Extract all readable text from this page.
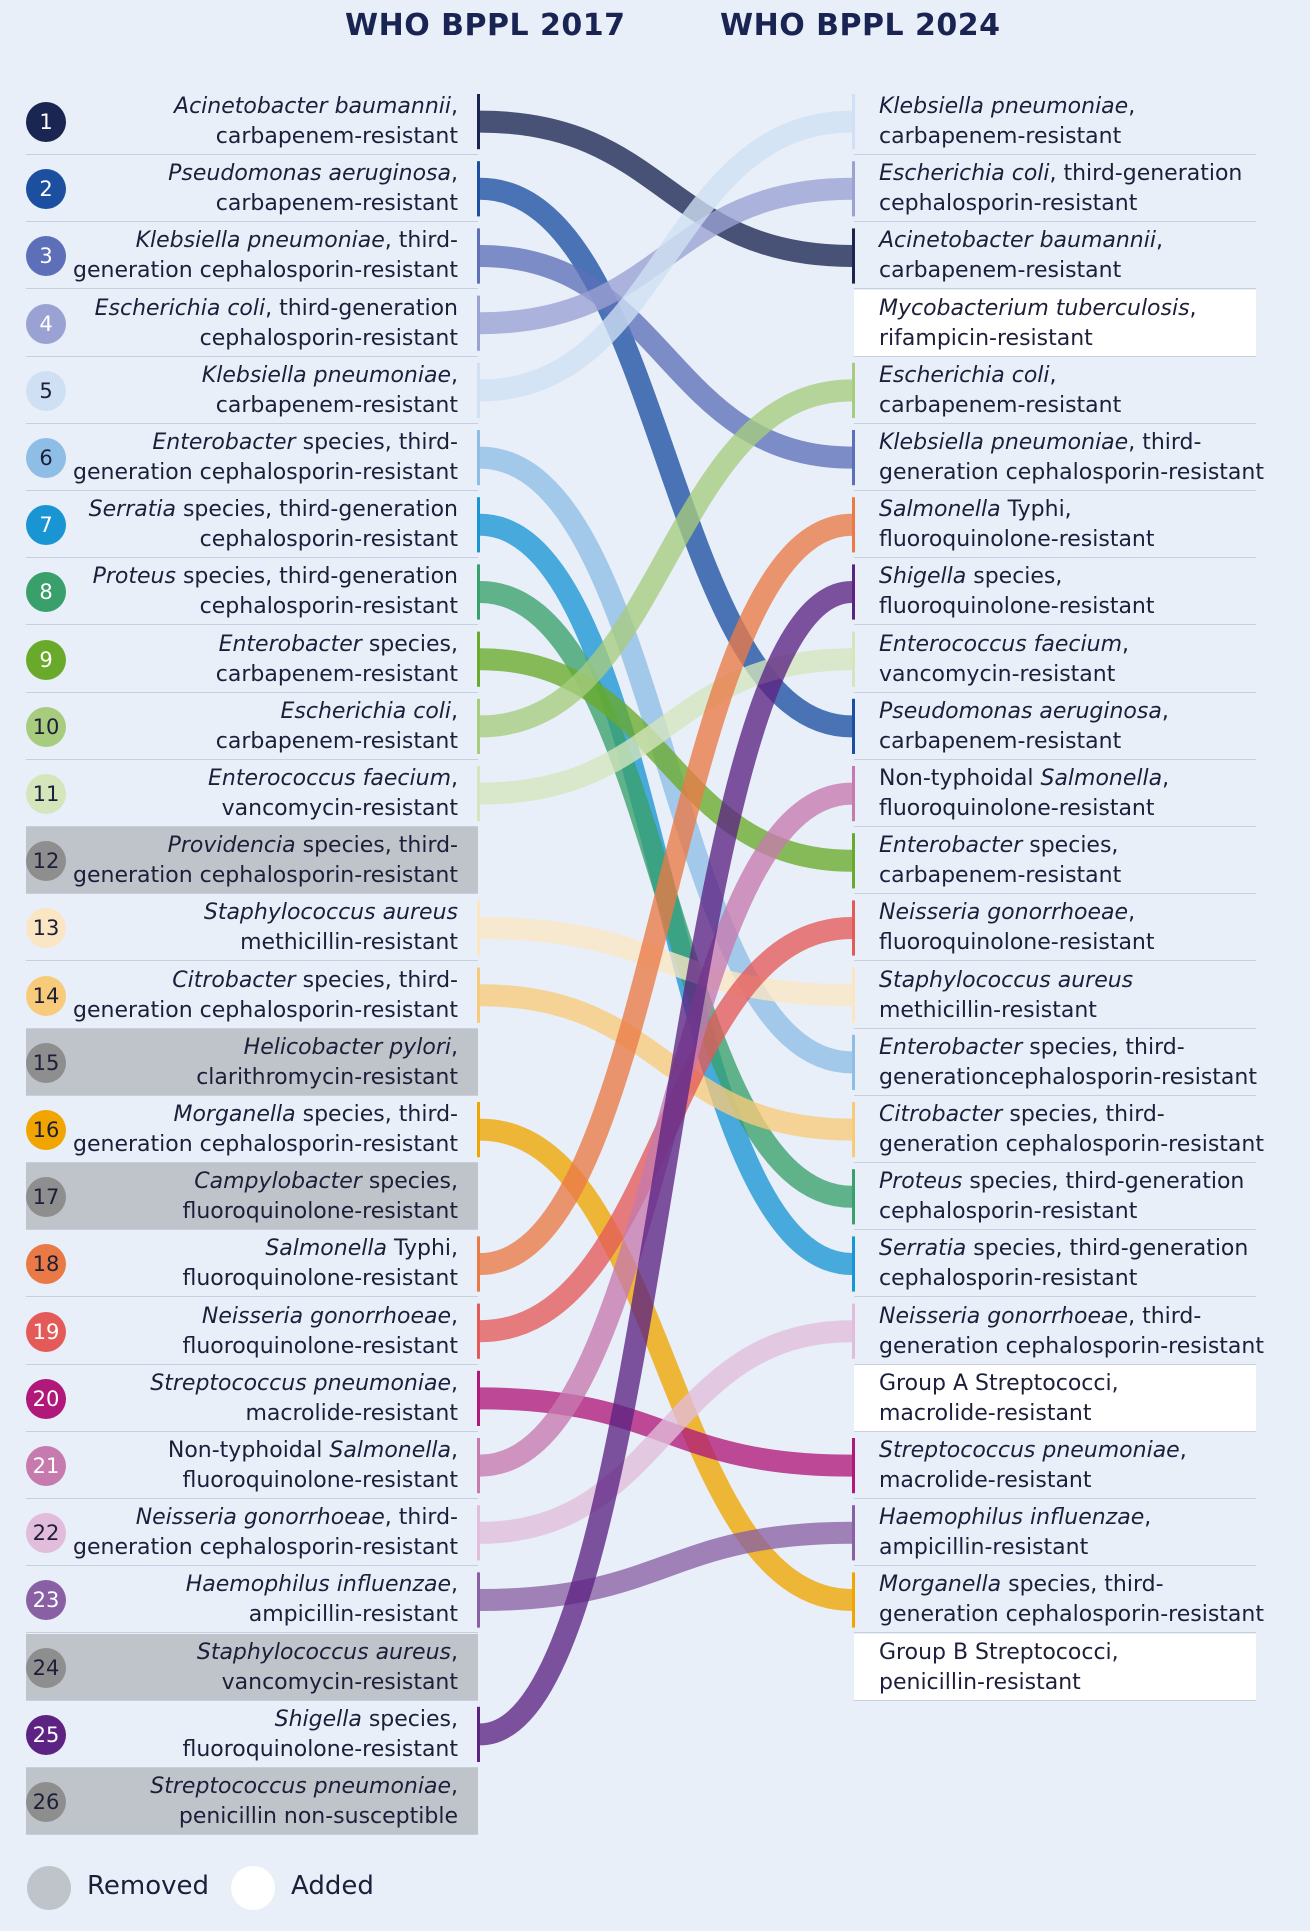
WHO BPPL 2017	WHO BPPL 2024
1
Acinetobacter baumannii,
carbapenem-resistant
2
Pseudomonas aeruginosa,
carbapenem-resistant
3
Klebsiella pneumoniae, third-
generation cephalosporin-resistant
4
Escherichia coli, third-generation
cephalosporin-resistant
5
Klebsiella pneumoniae,
carbapenem-resistant
6
Enterobacter species, third-
generation cephalosporin-resistant
7
Serratia species, third-generation
cephalosporin-resistant
8
Proteus species, third-generation
cephalosporin-resistant
9
Enterobacter species,
carbapenem-resistant
10
Escherichia coli,
carbapenem-resistant
11
Enterococcus faecium,
vancomycin-resistant
12
Providencia species, third-
generation cephalosporin-resistant
13
Staphylococcus aureus
methicillin-resistant
14
Citrobacter species, third-
generation cephalosporin-resistant
15
Helicobacter pylori,
clarithromycin-resistant
16
Morganella species, third-
generation cephalosporin-resistant
17
Campylobacter species,
fluoroquinolone-resistant
18
Salmonella Typhi,
fluoroquinolone-resistant
19
Neisseria gonorrhoeae,
fluoroquinolone-resistant
20
Streptococcus pneumoniae,
macrolide-resistant
21
Non-typhoidal Salmonella,
fluoroquinolone-resistant
22
Neisseria gonorrhoeae, third-
generation cephalosporin-resistant
23
Haemophilus influenzae,
ampicillin-resistant
24
Staphylococcus aureus,
vancomycin-resistant
25
Shigella species,
fluoroquinolone-resistant
26
Streptococcus pneumoniae,
penicillin non-susceptible
Klebsiella pneumoniae,
carbapenem-resistant
Escherichia coli, third-generation
cephalosporin-resistant
Acinetobacter baumannii,
carbapenem-resistant
Mycobacterium tuberculosis,
rifampicin-resistant
Escherichia coli,
carbapenem-resistant
Klebsiella pneumoniae, third-
generation cephalosporin-resistant
Salmonella Typhi,
fluoroquinolone-resistant
Shigella species,
fluoroquinolone-resistant
Enterococcus faecium,
vancomycin-resistant
Pseudomonas aeruginosa,
carbapenem-resistant
Non-typhoidal Salmonella,
fluoroquinolone-resistant
Enterobacter species,
carbapenem-resistant
Neisseria gonorrhoeae,
fluoroquinolone-resistant
Staphylococcus aureus
methicillin-resistant
Enterobacter species, third-
generationcephalosporin-resistant
Citrobacter species, third-
generation cephalosporin-resistant
Proteus species, third-generation
cephalosporin-resistant
Serratia species, third-generation
cephalosporin-resistant
Neisseria gonorrhoeae, third-
generation cephalosporin-resistant
Group A Streptococci,
macrolide-resistant
Streptococcus pneumoniae,
macrolide-resistant
Haemophilus influenzae,
ampicillin-resistant
Morganella species, third-
generation cephalosporin-resistant
Group B Streptococci,
penicillin-resistant
Removed	Added
